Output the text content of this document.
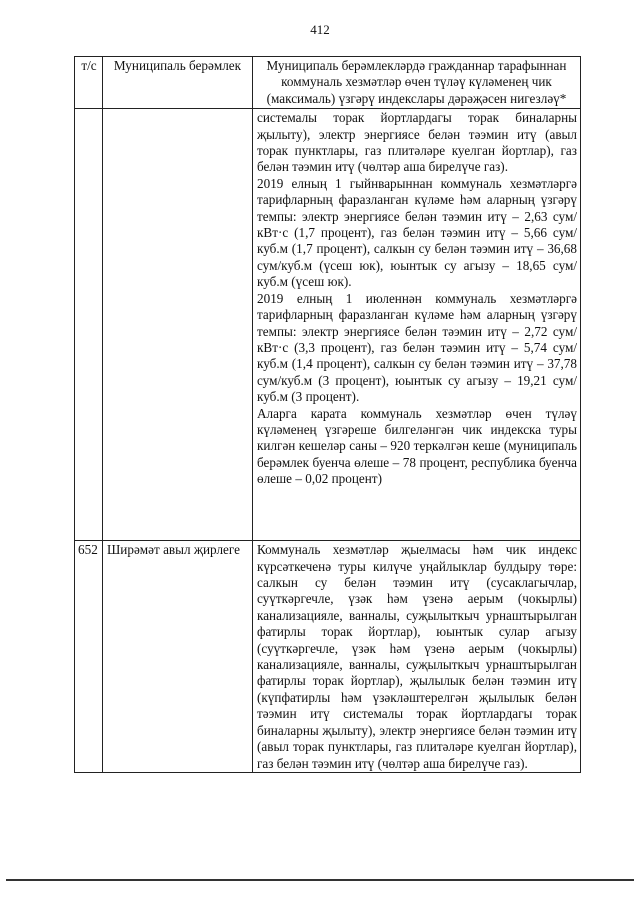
412
т/с	Муниципаль берәмлек	Муниципаль берәмлекләрдә гражданнар тарафыннан коммуналь хезмәтләр өчен түләү күләменең чик (максималь) үзгәрү индекслары дәрәҗәсен нигезләү*

		системалы торак йортлардагы торак биналарны җылыту), электр энергиясе белән тәэмин итү (авыл торак пунктлары, газ плитәләре куелган йортлар), газ белән тәэмин итү (чөлтәр аша бирелүче газ).
2019 елның 1 гыйнварыннан коммуналь хезмәтләргә тарифларның фаразланган күләме һәм аларның үзгәрү темпы: электр энергиясе белән тәэмин итү – 2,63 сум/кВт·с (1,7 процент), газ белән тәэмин итү – 5,66 сум/куб.м (1,7 процент), салкын су белән тәэмин итү – 36,68 сум/куб.м (үсеш юк), юынтык су агызу – 18,65 сум/куб.м (үсеш юк).
2019 елның 1 июленнән коммуналь хезмәтләргә тарифларның фаразланган күләме һәм аларның үзгәрү темпы: электр энергиясе белән тәэмин итү – 2,72 сум/кВт·с (3,3 процент), газ белән тәэмин итү – 5,74 сум/куб.м (1,4 процент), салкын су белән тәэмин итү – 37,78 сум/куб.м (3 процент), юынтык су агызу – 19,21 сум/куб.м (3 процент).
Аларга карата коммуналь хезмәтләр өчен түләү күләменең үзгәреше билгеләнгән чик индекска туры килгән кешеләр саны – 920 теркәлгән кеше (муниципаль берәмлек буенча өлеше – 78 процент, республика буенча өлеше – 0,02 процент)

652	Ширәмәт авыл җирлеге	Коммуналь хезмәтләр җыелмасы һәм чик индекс күрсәткеченә туры килүче уңайлыклар булдыру төре: салкын су белән тәэмин итү (сусаклагычлар, суүткәргечле, үзәк һәм үзенә аерым (чокырлы) канализацияле, ванналы, суҗылыткыч урнаштырылган фатирлы торак йортлар), юынтык сулар агызу (суүткәргечле, үзәк һәм үзенә аерым (чокырлы) канализацияле, ванналы, суҗылыткыч урнаштырылган фатирлы торак йортлар), җылылык белән тәэмин итү (күпфатирлы һәм үзәкләштерелгән җылылык белән тәэмин итү системалы торак йортлардагы торак биналарны җылыту), электр энергиясе белән тәэмин итү (авыл торак пунктлары, газ плитәләре куелган йортлар), газ белән тәэмин итү (чөлтәр аша бирелүче газ).
